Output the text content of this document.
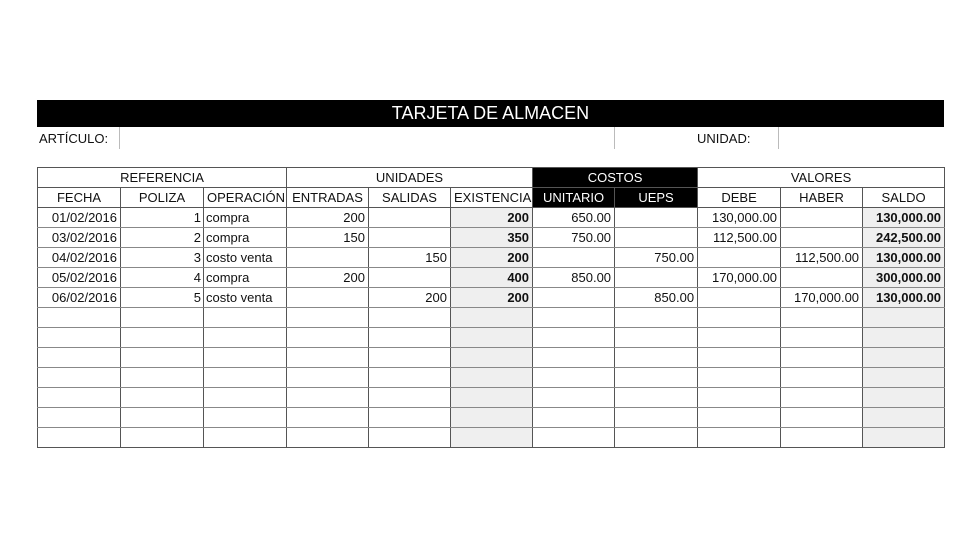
TARJETA DE ALMACEN
ARTÍCULO:	UNIDAD:
REFERENCIA			UNIDADES			COSTOS		VALORES		
FECHA	POLIZA	OPERACIÓN	ENTRADAS	SALIDAS	EXISTENCIA	UNITARIO	UEPS	DEBE	HABER	SALDO
01/02/2016	1	compra	200		200	650.00		130,000.00		130,000.00
03/02/2016	2	compra	150		350	750.00		112,500.00		242,500.00
04/02/2016	3	costo venta		150	200		750.00		112,500.00	130,000.00
05/02/2016	4	compra	200		400	850.00		170,000.00		300,000.00
06/02/2016	5	costo venta		200	200		850.00		170,000.00	130,000.00
